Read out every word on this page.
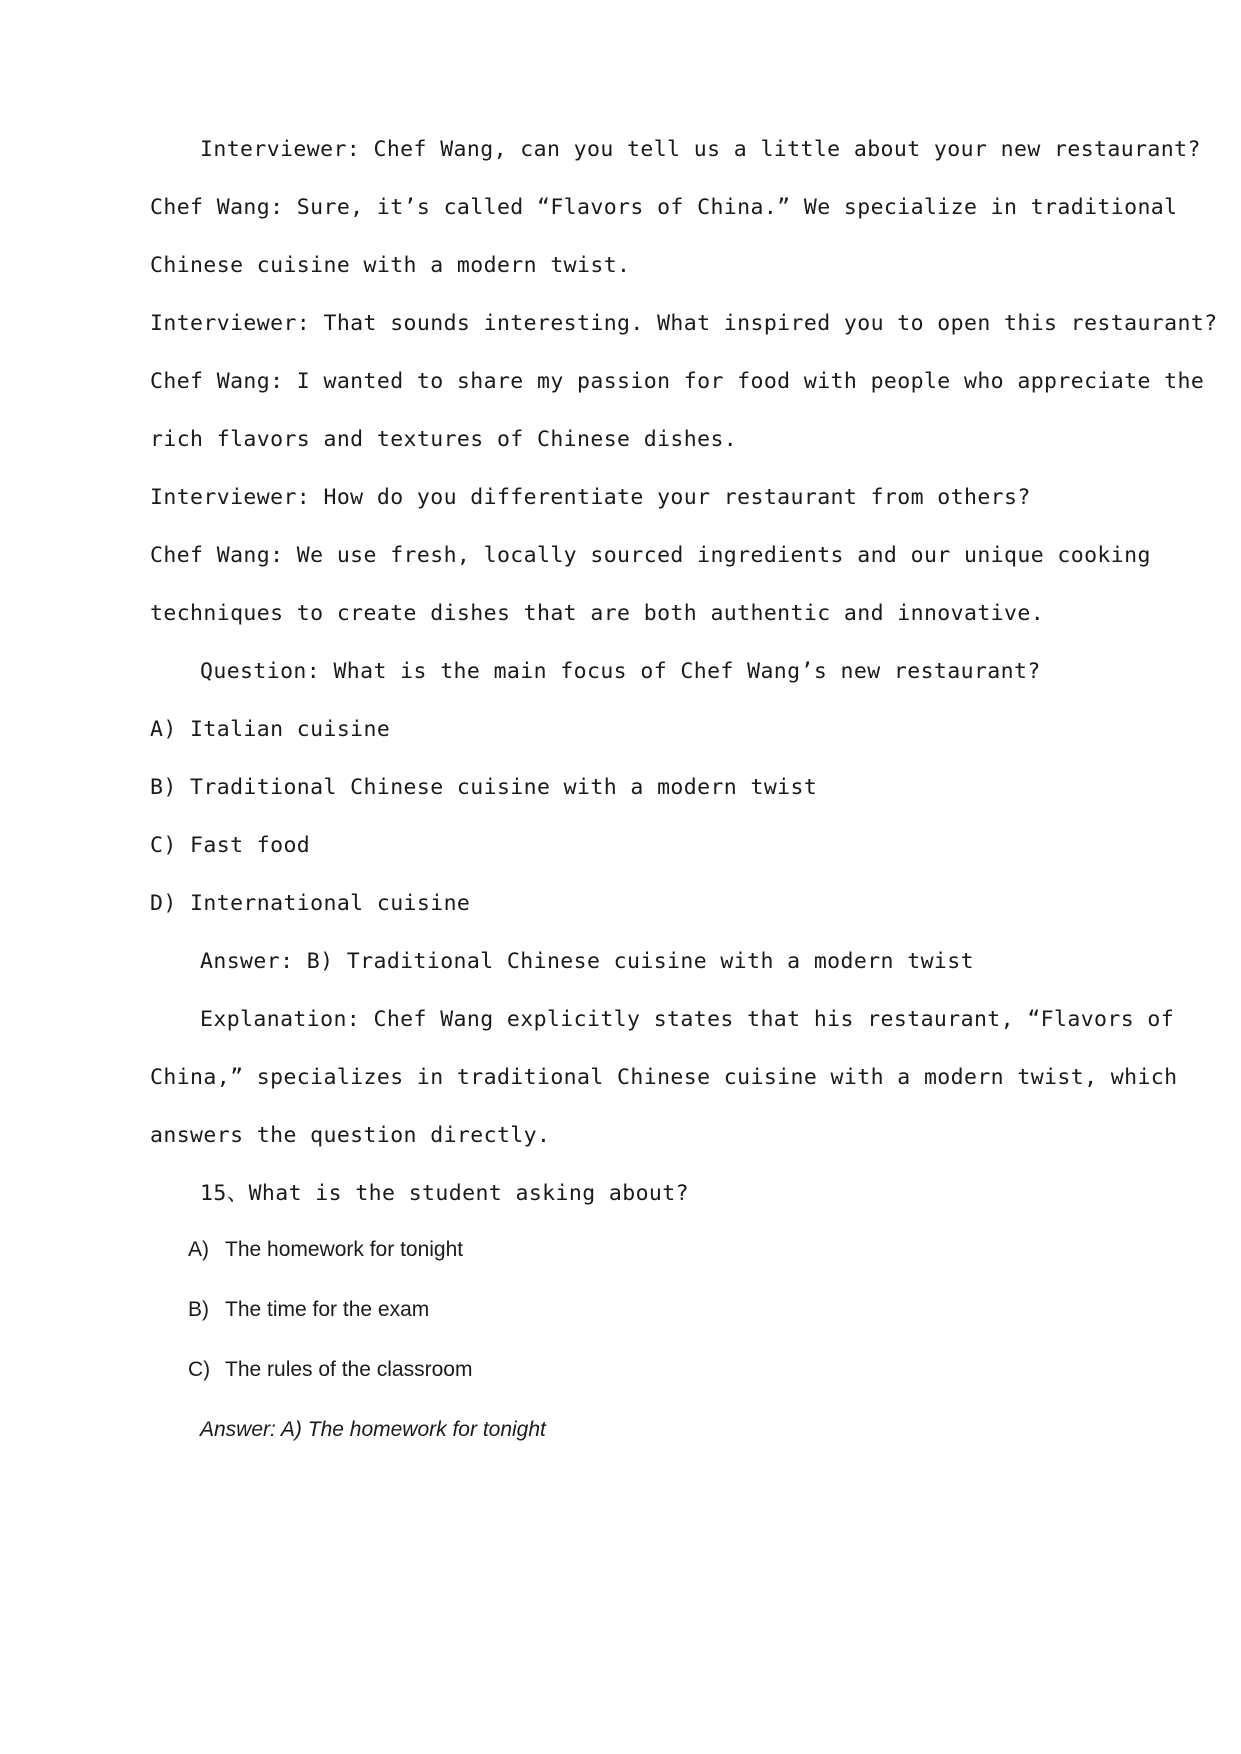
Interviewer: Chef Wang, can you tell us a little about your new restaurant?
Chef Wang: Sure, it’s called “Flavors of China.” We specialize in traditional
Chinese cuisine with a modern twist.
Interviewer: That sounds interesting. What inspired you to open this restaurant?
Chef Wang: I wanted to share my passion for food with people who appreciate the
rich flavors and textures of Chinese dishes.
Interviewer: How do you differentiate your restaurant from others?
Chef Wang: We use fresh, locally sourced ingredients and our unique cooking
techniques to create dishes that are both authentic and innovative.
Question: What is the main focus of Chef Wang’s new restaurant?
A) Italian cuisine
B) Traditional Chinese cuisine with a modern twist
C) Fast food
D) International cuisine
Answer: B) Traditional Chinese cuisine with a modern twist
Explanation: Chef Wang explicitly states that his restaurant, “Flavors of
China,” specializes in traditional Chinese cuisine with a modern twist, which
answers the question directly.
15、What is the student asking about?
A) The homework for tonight
B) The time for the exam
C) The rules of the classroom
Answer: A) The homework for tonight
